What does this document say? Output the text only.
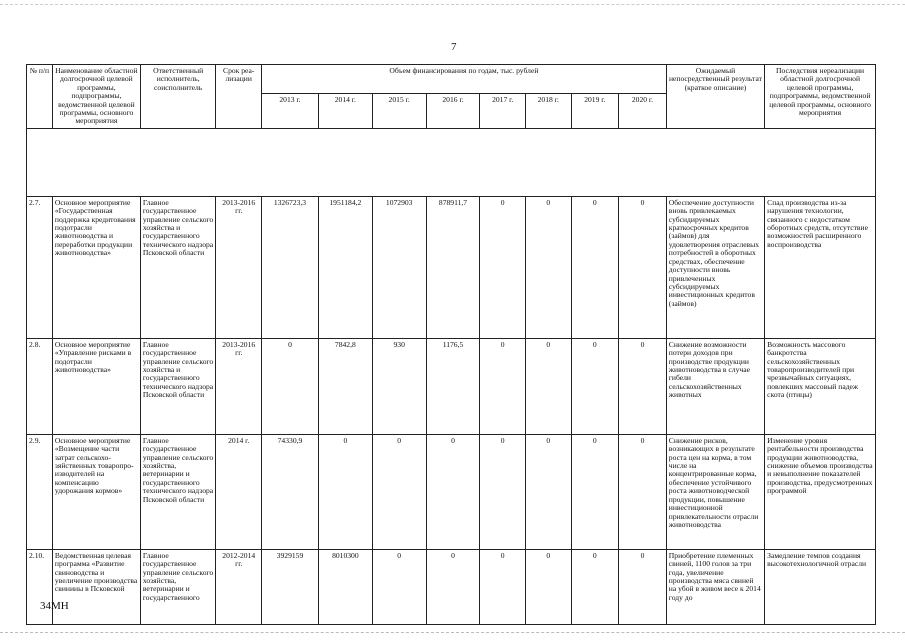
7
№ п/п	Наименование областной долгосрочной целевой программы, подпрограммы, ведомственной целевой программы, основного мероприятия	Ответственный исполнитель, соисполнитель	Срок реа-лизации	Объем финансирования по годам, тыс. рублей								Ожидаемый непосредственный результат (краткое описание)	Последствия нереализации областной долгосрочной целевой программы, подпрограммы, ведомственной целевой программы, основного мероприятия
				2013 г.	2014 г.	2015 г.	2016 г.	2017 г.	2018 г.	2019 г.	2020 г.		

2.7.	Основное мероприятие «Государственная поддержка кредитования подотрасли животноводства и переработки продукции животноводства»	Главное государственное управление сельского хозяйства и государственного технического надзора Псковской области	2013-2016 гг.	1326723,3	1951184,2	1072903	878911,7	0	0	0	0	Обеспечение доступности вновь привлекаемых субсидируемых краткосрочных кредитов (займов) для удовлетворения отраслевых потребностей в оборотных средствах, обеспечение доступности вновь привлеченных субсидируемых инвестиционных кредитов (займов)	Спад производства из-за нарушения технологии, связанного с недостатком оборотных средств, отсутствие возможностей расширенного воспроизводства
2.8.	Основное мероприятие «Управление рисками в подотрасли животноводства»	Главное государственное управление сельского хозяйства и государственного технического надзора Псковской области	2013-2016 гг.	0	7842,8	930	1176,5	0	0	0	0	Снижение возможности потери доходов при производстве продукции животноводства в случае гибели сельскохозяйственных животных	Возможность массового банкротства сельскохозяйственных товаропроизводителей при чрезвычайных ситуациях, повлекших массовый падеж скота (птицы)
2.9.	Основное мероприятие «Возмещение части затрат сельскохо-зяйственных товаропро-изводителей на компенсацию удорожания кормов»	Главное государственное управление сельского хозяйства, ветеринарии и государственного технического надзора Псковской области	2014 г.	74330,9	0	0	0	0	0	0	0	Снижение рисков, возникающих в результате роста цен на корма, в том числе на концентрированные корма, обеспечение устойчивого роста животноводческой продукции, повышение инвестиционной привлекательности отрасли животноводства	Изменение уровня рентабельности производства продукции животноводства, снижение объемов производства и невыполнение показателей производства, предусмотренных программой
2.10.	Ведомственная целевая программа «Развитие свиноводства и увеличение производства свинины в Псковской	Главное государственное управление сельского хозяйства, ветеринарии и государственного	2012-2014 гг.	3929159	8010300	0	0	0	0	0	0	Приобретение племенных свиней, 1100 голов за три года, увеличение производства мяса свиней на убой в живом весе к 2014 году до	Замедление темпов создания высокотехнологичной отрасли
34МН
